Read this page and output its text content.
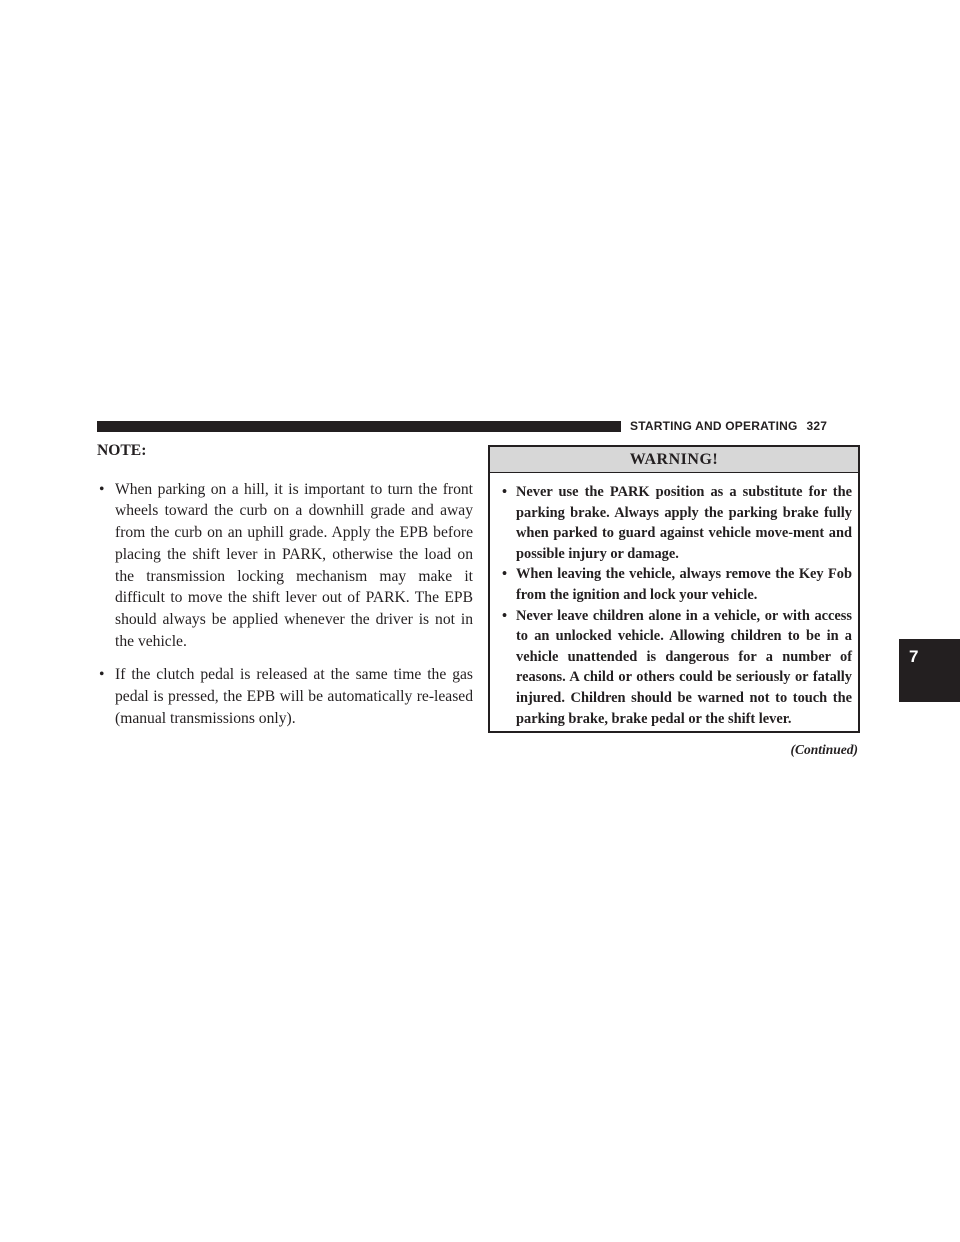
STARTING AND OPERATING 327

NOTE:

• When parking on a hill, it is important to turn the front wheels toward the curb on a downhill grade and away from the curb on an uphill grade. Apply the EPB before placing the shift lever in PARK, otherwise the load on the transmission locking mechanism may make it difficult to move the shift lever out of PARK. The EPB should always be applied whenever the driver is not in the vehicle.
• If the clutch pedal is released at the same time the gas pedal is pressed, the EPB will be automatically re-leased (manual transmissions only).
WARNING!
• Never use the PARK position as a substitute for the parking brake. Always apply the parking brake fully when parked to guard against vehicle move-ment and possible injury or damage.
• When leaving the vehicle, always remove the Key Fob from the ignition and lock your vehicle.
• Never leave children alone in a vehicle, or with access to an unlocked vehicle. Allowing children to be in a vehicle unattended is dangerous for a number of reasons. A child or others could be seriously or fatally injured. Children should be warned not to touch the parking brake, brake pedal or the shift lever.
(Continued)
7
